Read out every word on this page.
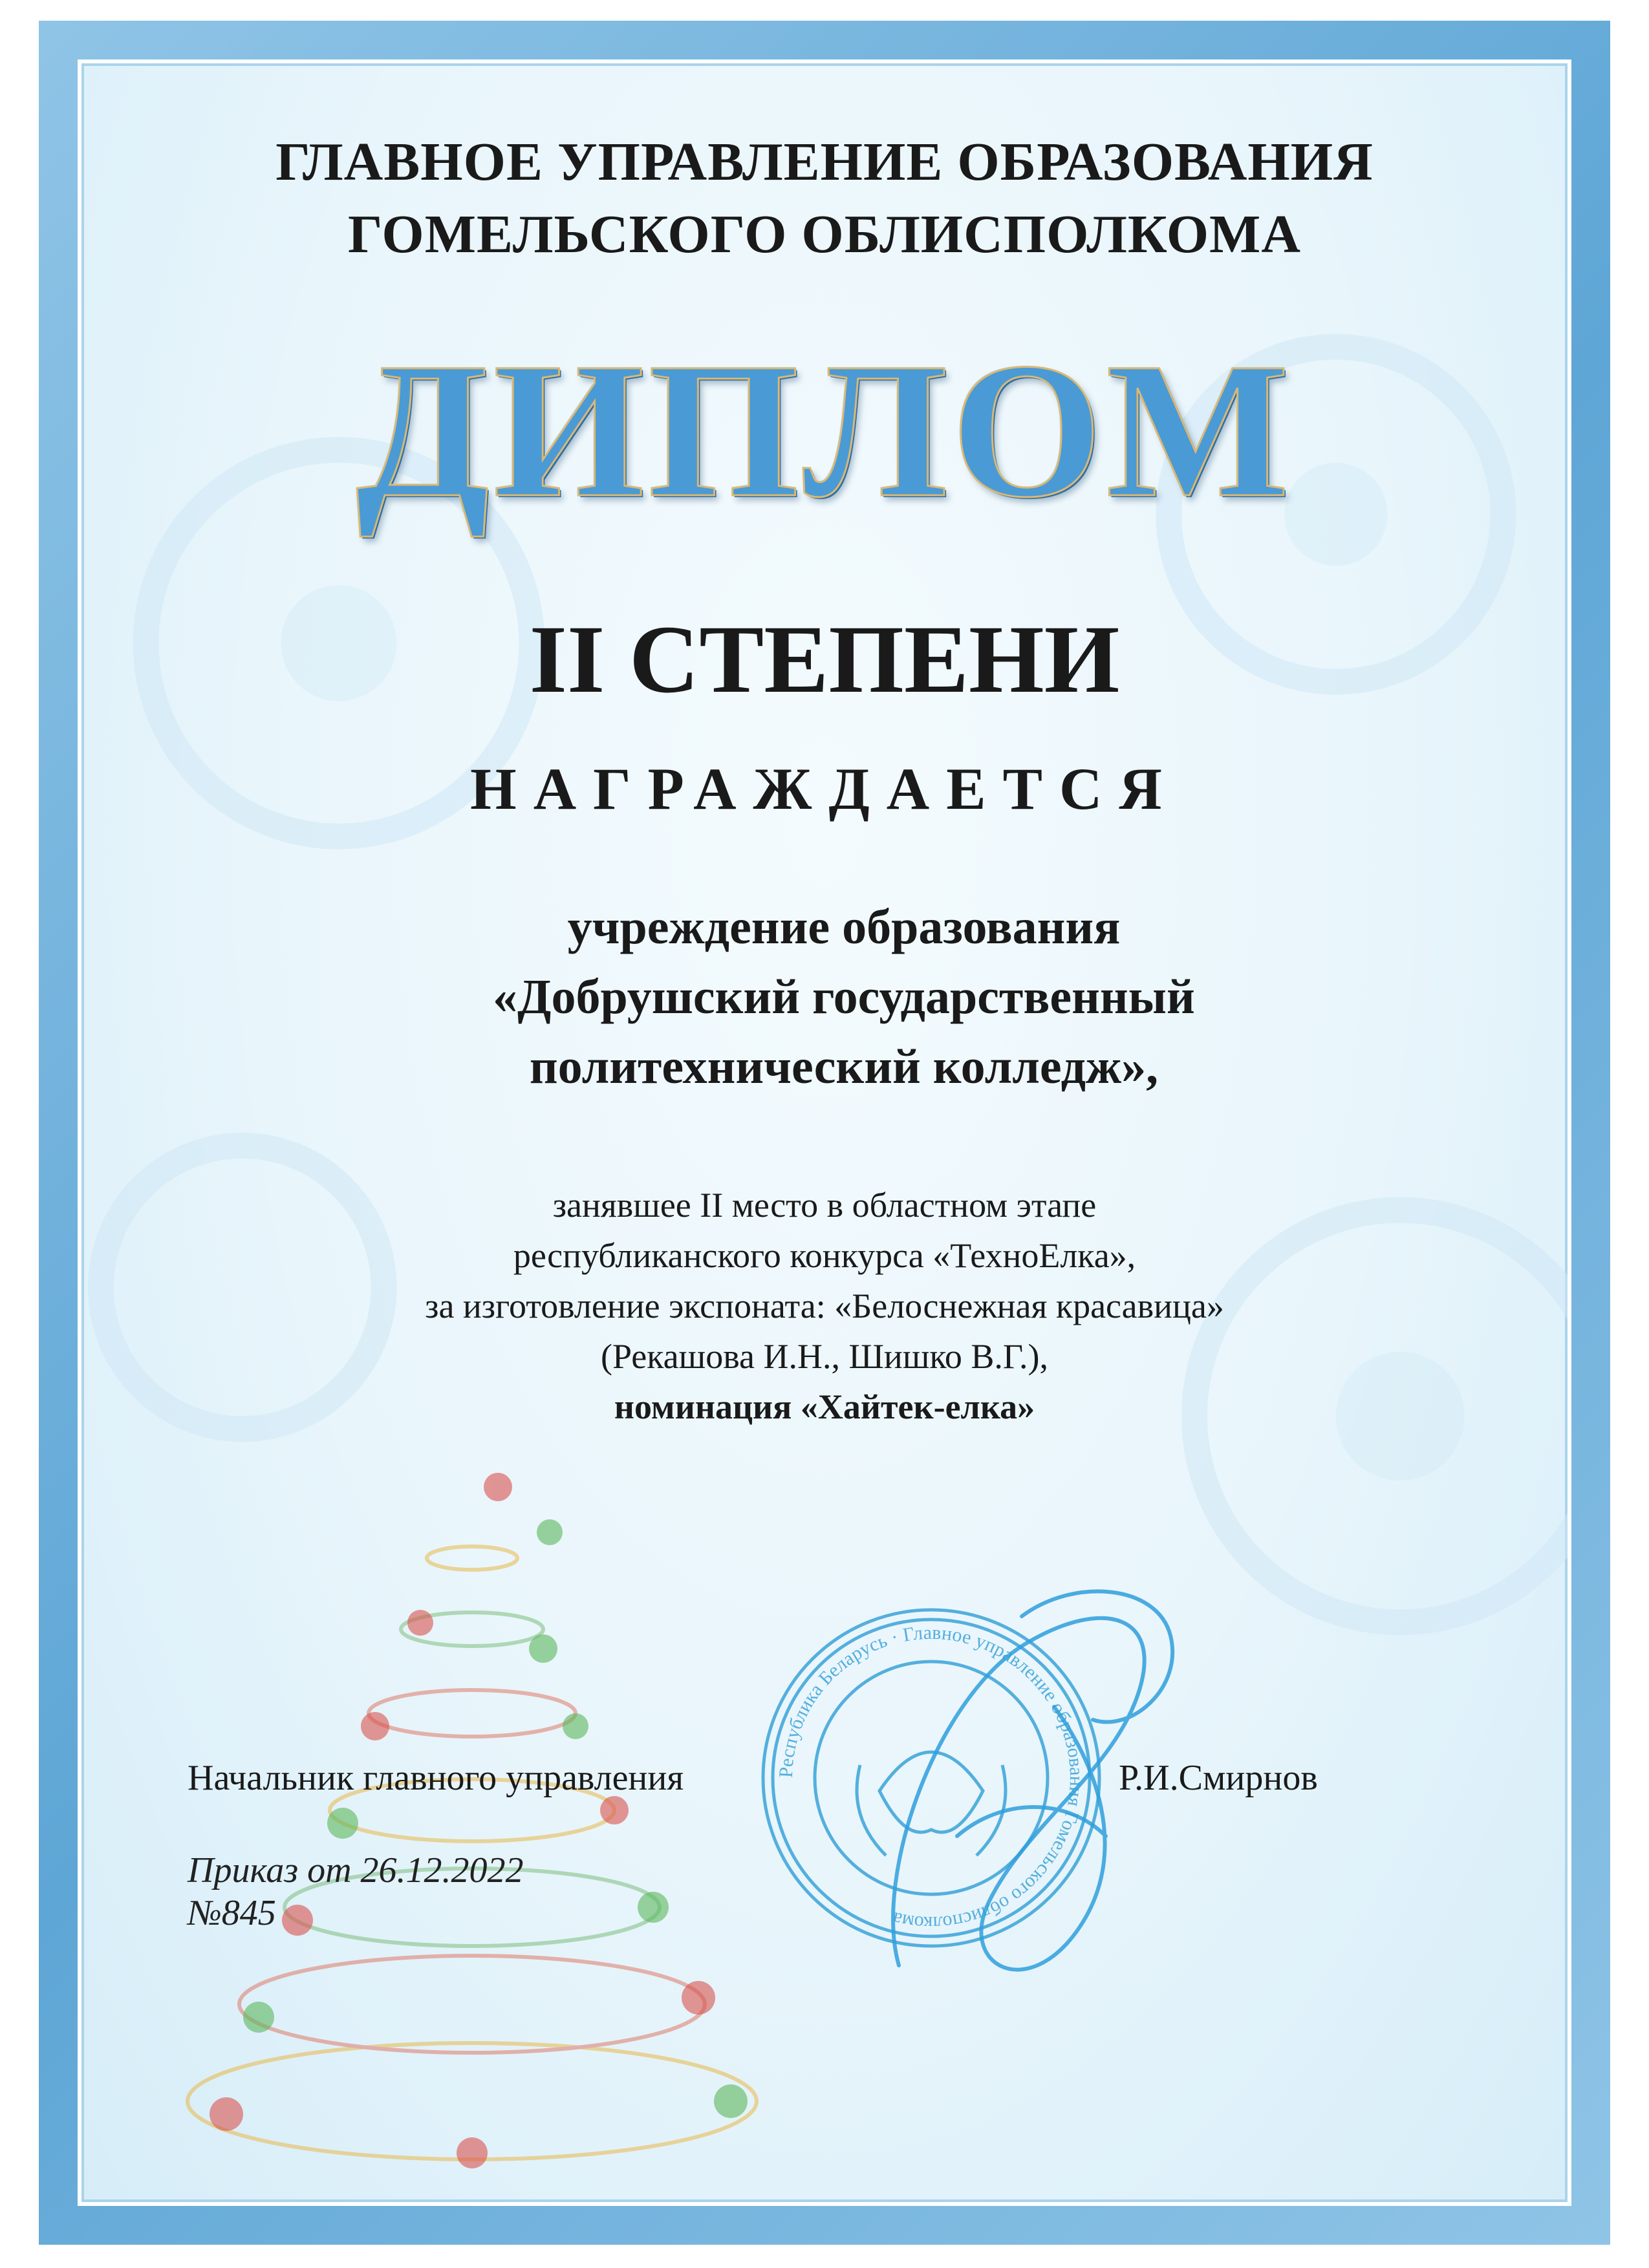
ГЛАВНОЕ УПРАВЛЕНИЕ ОБРАЗОВАНИЯ
ГОМЕЛЬСКОГО ОБЛИСПОЛКОМА
ДИПЛОМ
II СТЕПЕНИ
НАГРАЖДАЕТСЯ
учреждение образования
«Добрушский государственный
политехнический колледж»,
занявшее II место в областном этапе
республиканского конкурса «ТехноЕлка»,
за изготовление экспоната: «Белоснежная красавица»
(Рекашова И.Н., Шишко В.Г.),
номинация «Хайтек-елка»
Республика Беларусь · Главное управление образования Гомельского облисполкома
Начальник главного управления	Р.И.Смирнов
Приказ от 26.12.2022
№845
